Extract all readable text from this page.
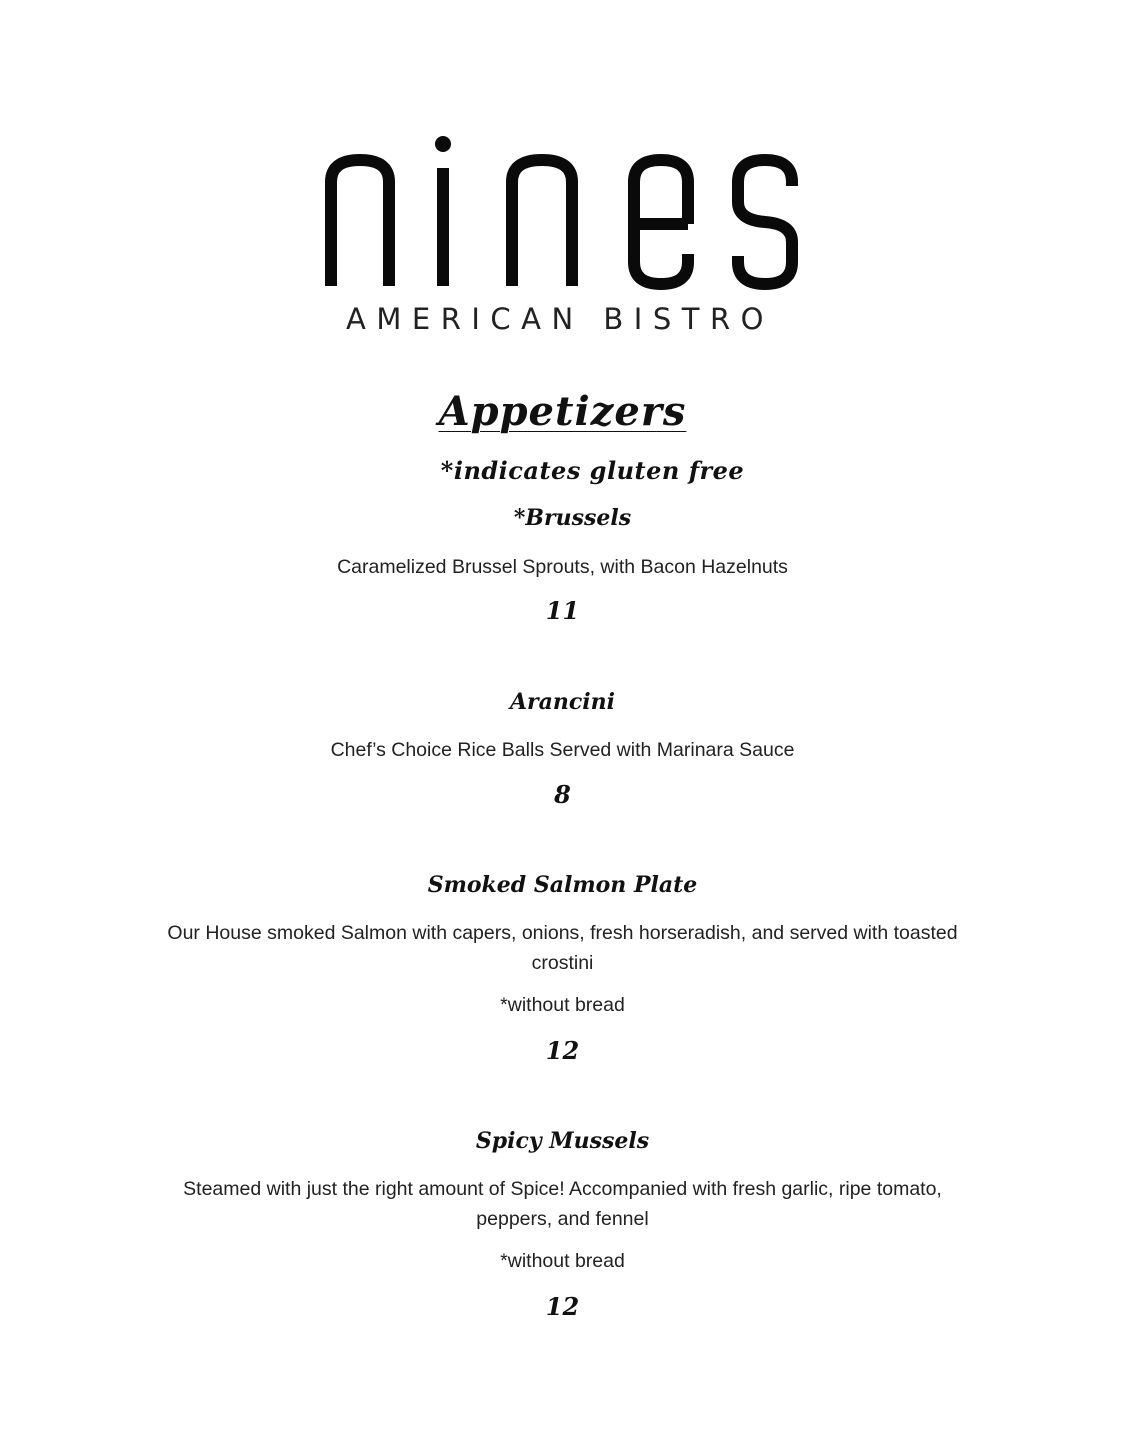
AMERICAN BISTRO
Appetizers
*indicates gluten free
*Brussels
Caramelized Brussel Sprouts, with Bacon Hazelnuts
11
Arancini
Chef’s Choice Rice Balls Served with Marinara Sauce
8
Smoked Salmon Plate
Our House smoked Salmon with capers, onions, fresh horseradish, and served with toasted crostini
*without bread
12
Spicy Mussels
Steamed with just the right amount of Spice! Accompanied with fresh garlic, ripe tomato, peppers, and fennel
*without bread
12
